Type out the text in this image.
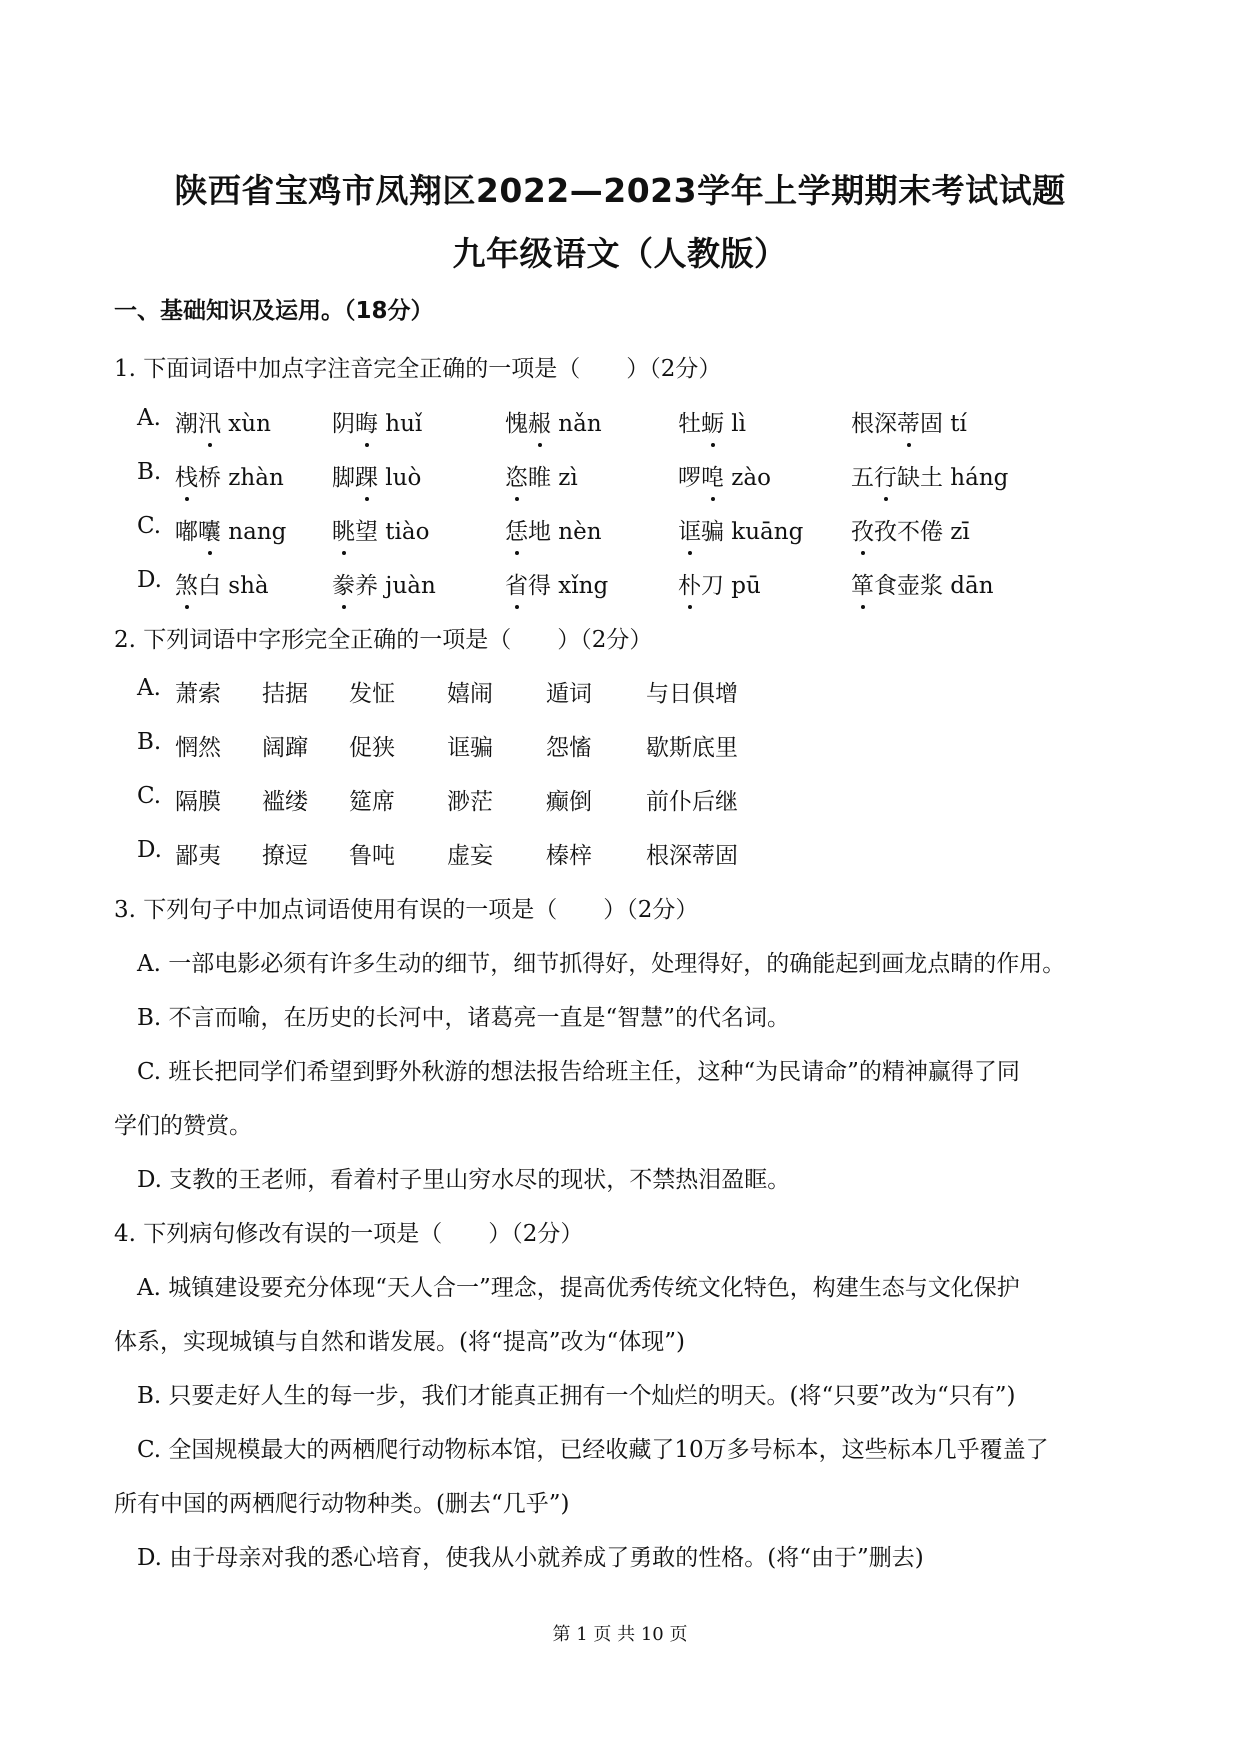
陕西省宝鸡市凤翔区2022—2023学年上学期期末考试试题
九年级语文（人教版）
一、基础知识及运用。（18分）
1. 下面词语中加点字注音完全正确的一项是（　　）（2分）
A. 潮汛 xùn	阴晦 huǐ	愧赧 nǎn	牡蛎 lì	根深蒂固 tí
B. 栈桥 zhàn 脚踝 luò	恣睢 zì	啰唣 zào	五行缺土 háng
C. 嘟囔 nang 眺望 tiào	恁地 nèn	诓骗 kuāng 孜孜不倦 zī
D. 煞白 shà	豢养 juàn	省得 xǐng	朴刀 pū	箪食壶浆 dān
2. 下列词语中字形完全正确的一项是（　　）（2分）
A. 萧索 拮据 发怔 嬉闹 遁词 与日俱增
B. 惘然 阔蹿 促狭 诓骗 怨慉 歇斯底里
C. 隔膜 褴缕 筵席 渺茫 癫倒 前仆后继
D. 鄙夷 撩逗 鲁吨 虚妄 榛梓 根深蒂固
3. 下列句子中加点词语使用有误的一项是（　　）（2分）
A. 一部电影必须有许多生动的细节，细节抓得好，处理得好，的确能起到画龙点睛的作用。
B. 不言而喻，在历史的长河中，诸葛亮一直是“智慧”的代名词。
C. 班长把同学们希望到野外秋游的想法报告给班主任，这种“为民请命”的精神赢得了同
学们的赞赏。
D. 支教的王老师，看着村子里山穷水尽的现状，不禁热泪盈眶。
4. 下列病句修改有误的一项是（　　）（2分）
A. 城镇建设要充分体现“天人合一”理念，提高优秀传统文化特色，构建生态与文化保护
体系，实现城镇与自然和谐发展。(将“提高”改为“体现”)
B. 只要走好人生的每一步，我们才能真正拥有一个灿烂的明天。(将“只要”改为“只有”)
C. 全国规模最大的两栖爬行动物标本馆，已经收藏了10万多号标本，这些标本几乎覆盖了
所有中国的两栖爬行动物种类。(删去“几乎”)
D. 由于母亲对我的悉心培育，使我从小就养成了勇敢的性格。(将“由于”删去)
第 1 页 共 10 页
